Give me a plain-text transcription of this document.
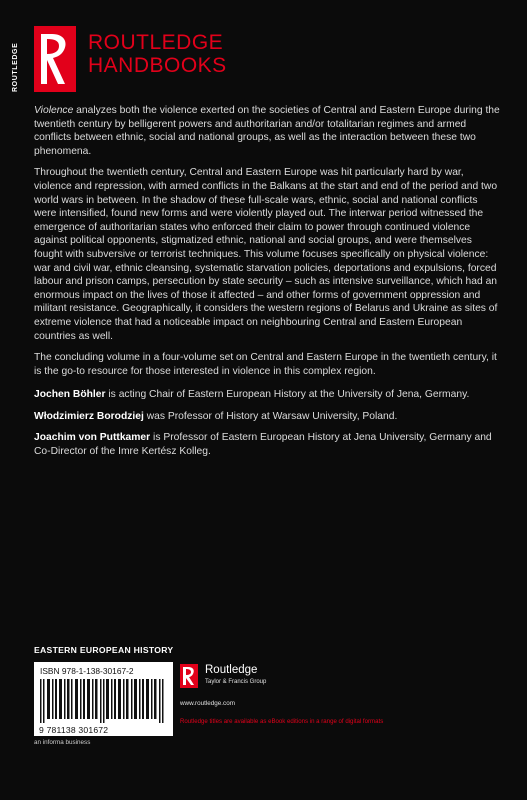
ROUTLEDGE
ROUTLEDGE
HANDBOOKS

Violence analyzes both the violence exerted on the societies of Central and Eastern Europe during the twentieth century by belligerent powers and authoritarian and/or totalitarian regimes and armed conflicts between ethnic, social and national groups, as well as the interaction between these two phenomena.

Throughout the twentieth century, Central and Eastern Europe was hit particularly hard by war, violence and repression, with armed conflicts in the Balkans at the start and end of the period and two world wars in between. In the shadow of these full-scale wars, ethnic, social and national conflicts were intensified, found new forms and were violently played out. The interwar period witnessed the emergence of authoritarian states who enforced their claim to power through continued violence against political opponents, stigmatized ethnic, national and social groups, and were themselves fought with subversive or terrorist techniques. This volume focuses specifically on physical violence: war and civil war, ethnic cleansing, systematic starvation policies, deportations and expulsions, forced labour and prison camps, persecution by state security – such as intensive surveillance, which had an enormous impact on the lives of those it affected – and other forms of government oppression and militant resistance. Geographically, it considers the western regions of Belarus and Ukraine as sites of extreme violence that had a noticeable impact on neighbouring Central and Eastern European countries as well.

The concluding volume in a four-volume set on Central and Eastern Europe in the twentieth century, it is the go-to resource for those interested in violence in this complex region.

Jochen Böhler is acting Chair of Eastern European History at the University of Jena, Germany.

Włodzimierz Borodziej was Professor of History at Warsaw University, Poland.

Joachim von Puttkamer is Professor of Eastern European History at Jena University, Germany and Co-Director of the Imre Kertész Kolleg.

EASTERN EUROPEAN HISTORY
ISBN 978-1-138-30167-2
9 781138 301672
an informa business
Routledge
Taylor & Francis Group
www.routledge.com
Routledge titles are available as eBook editions in a range of digital formats
